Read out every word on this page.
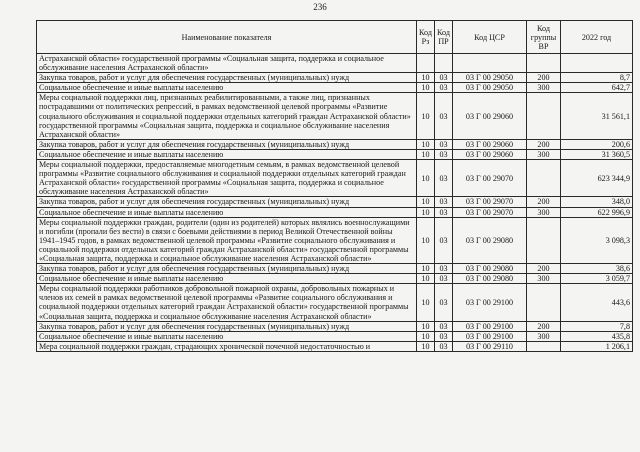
236
Наименование показателя	Код Рз	Код ПР	Код ЦСР	Код группы ВР	2022 год
Астраханской области» государственной программы «Социальная защита, поддержка и социальное обслуживание населения Астраханской области»					
Закупка товаров, работ и услуг для обеспечения государственных (муниципальных) нужд	10	03	03 Г 00 29050	200	8,7
Социальное обеспечение и иные выплаты населению	10	03	03 Г 00 29050	300	642,7
Меры социальной поддержки лиц, признанных реабилитированными, а также лиц, признанных пострадавшими от политических репрессий, в рамках ведомственной целевой программы «Развитие социального обслуживания и социальной поддержки отдельных категорий граждан Астраханской области» государственной программы «Социальная защита, поддержка и социальное обслуживание населения Астраханской области»	10	03	03 Г 00 29060		31 561,1
Закупка товаров, работ и услуг для обеспечения государственных (муниципальных) нужд	10	03	03 Г 00 29060	200	200,6
Социальное обеспечение и иные выплаты населению	10	03	03 Г 00 29060	300	31 360,5
Меры социальной поддержки, предоставляемые многодетным семьям, в рамках ведомственной целевой программы «Развитие социального обслуживания и социальной поддержки отдельных категорий граждан Астраханской области» государственной программы «Социальная защита, поддержка и социальное обслуживание населения Астраханской области»	10	03	03 Г 00 29070		623 344,9
Закупка товаров, работ и услуг для обеспечения государственных (муниципальных) нужд	10	03	03 Г 00 29070	200	348,0
Социальное обеспечение и иные выплаты населению	10	03	03 Г 00 29070	300	622 996,9
Меры социальной поддержки граждан, родители (один из родителей) которых являлись военнослужащими и погибли (пропали без вести) в связи с боевыми действиями в период Великой Отечественной войны 1941–1945 годов, в рамках ведомственной целевой программы «Развитие социального обслуживания и социальной поддержки отдельных категорий граждан Астраханской области» государственной программы «Социальная защита, поддержка и социальное обслуживание населения Астраханской области»	10	03	03 Г 00 29080		3 098,3
Закупка товаров, работ и услуг для обеспечения государственных (муниципальных) нужд	10	03	03 Г 00 29080	200	38,6
Социальное обеспечение и иные выплаты населению	10	03	03 Г 00 29080	300	3 059,7
Меры социальной поддержки работников добровольной пожарной охраны, добровольных пожарных и членов их семей в рамках ведомственной целевой программы «Развитие социального обслуживания и социальной поддержки отдельных категорий граждан Астраханской области» государственной программы «Социальная защита, поддержка и социальное обслуживание населения Астраханской области»	10	03	03 Г 00 29100		443,6
Закупка товаров, работ и услуг для обеспечения государственных (муниципальных) нужд	10	03	03 Г 00 29100	200	7,8
Социальное обеспечение и иные выплаты населению	10	03	03 Г 00 29100	300	435,8
Мера социальной поддержки граждан, страдающих хронической почечной недостаточностью и	10	03	03 Г 00 29110		1 206,1
